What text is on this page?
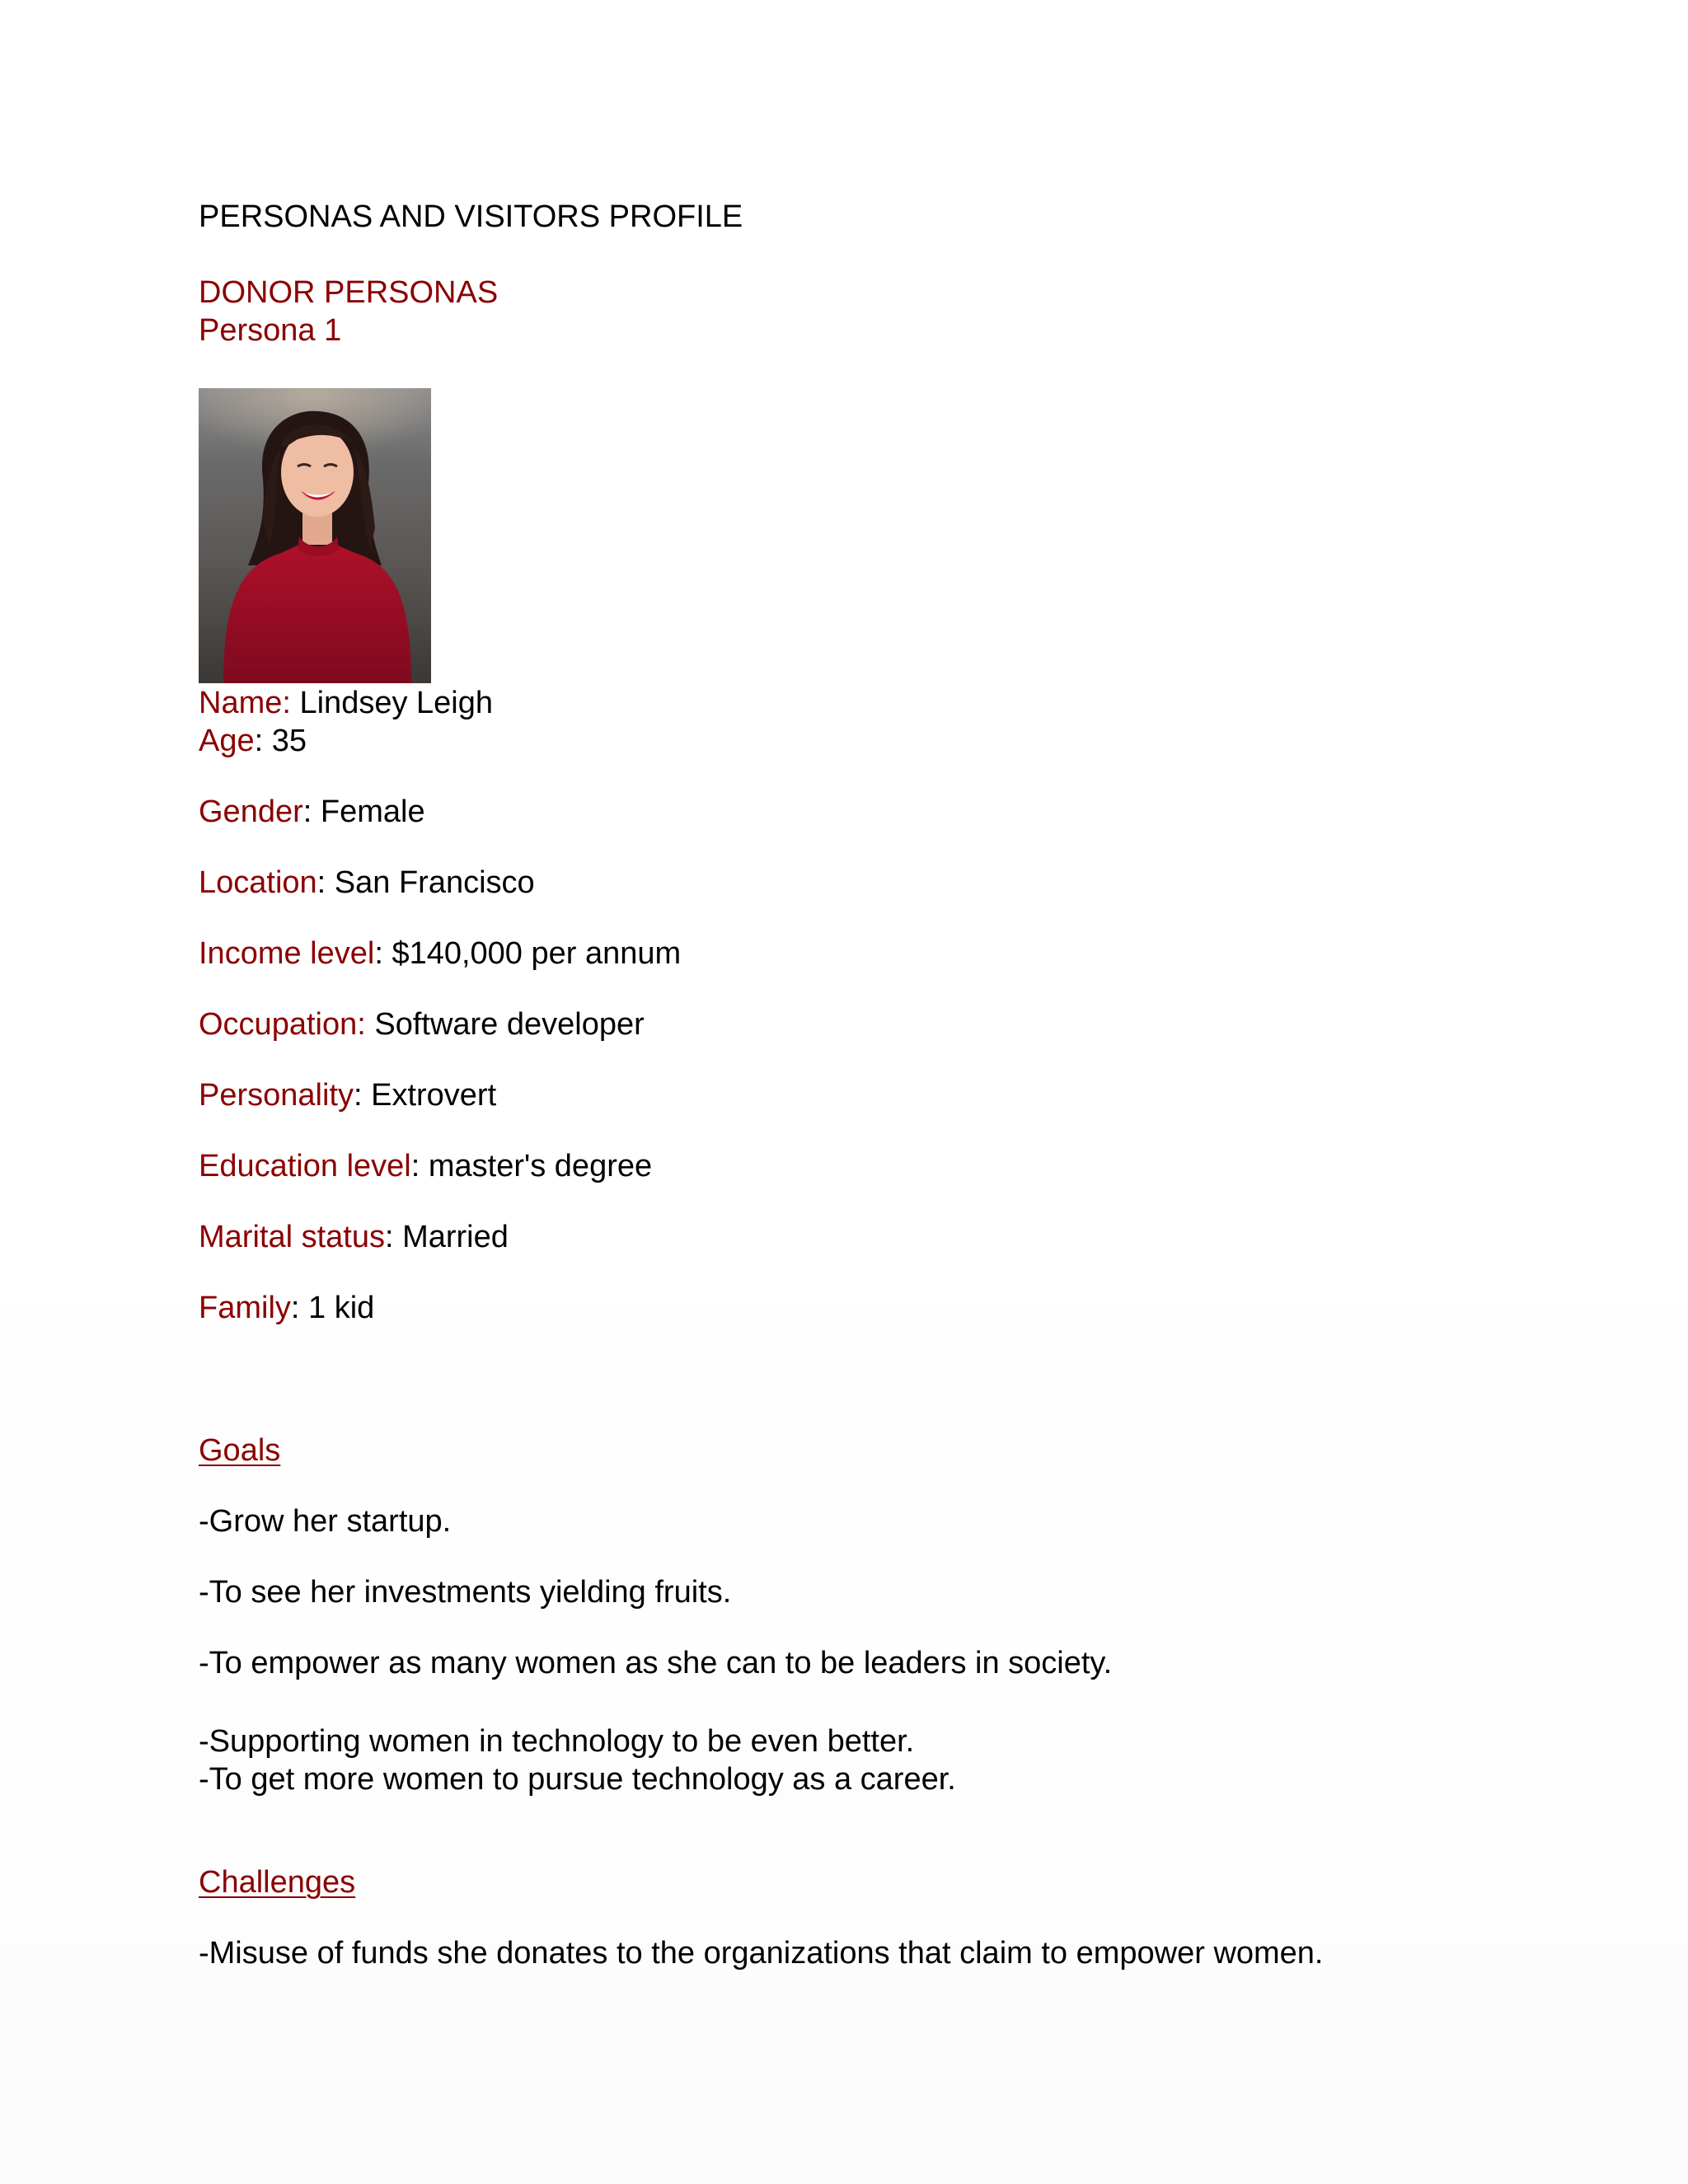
PERSONAS AND VISITORS PROFILE
DONOR PERSONAS
Persona 1
Name: Lindsey Leigh
Age: 35
Gender: Female
Location: San Francisco
Income level: $140,000 per annum
Occupation: Software developer
Personality: Extrovert
Education level: master's degree
Marital status: Married
Family: 1 kid
Goals
-Grow her startup.
-To see her investments yielding fruits.
-To empower as many women as she can to be leaders in society.
-Supporting women in technology to be even better.
-To get more women to pursue technology as a career.
Challenges
-Misuse of funds she donates to the organizations that claim to empower women.
